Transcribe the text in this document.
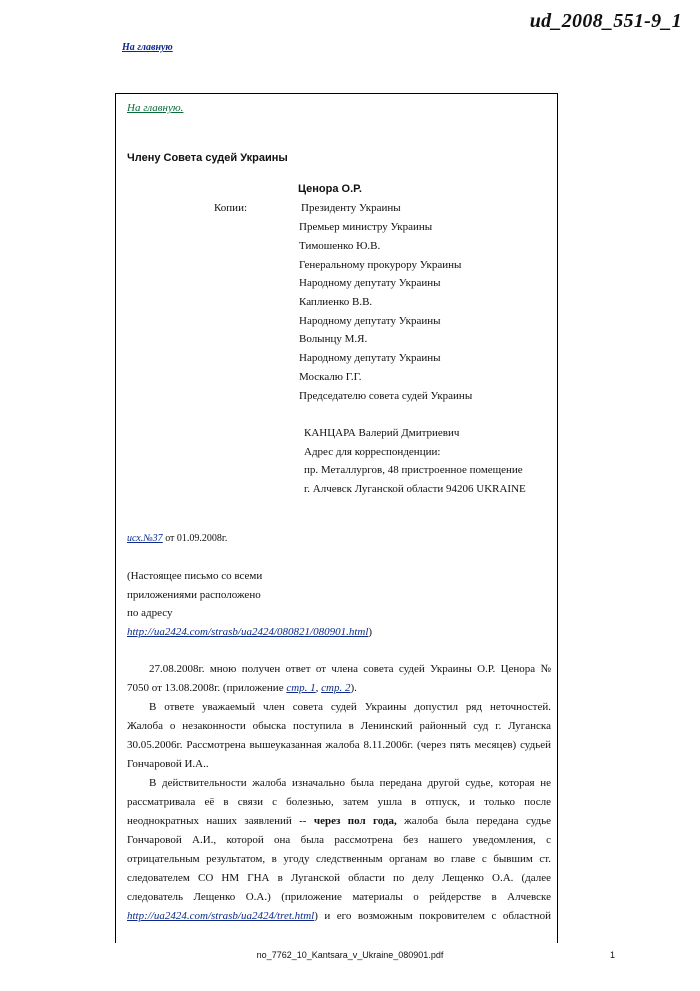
ud_2008_551-9_1
На главную
На главную.
Члену Совета судей Украины
Ценора О.Р.
Копии:	Президенту Украины
Премьер министру Украины
Тимошенко Ю.В.
Генеральному прокурору Украины
Народному депутату Украины
Каплиенко В.В.
Народному депутату Украины
Волынцу М.Я.
Народному депутату Украины
Москалю Г.Г.
Председателю совета судей Украины
КАНЦАРА Валерий Дмитриевич
Адрес для корреспонденции:
пр. Металлургов, 48 пристроенное помещение
г. Алчевск Луганской области 94206 UKRAINE
исх.№37 от 01.09.2008г.
(Настоящее письмо со всеми
приложениями расположено
по адресу
http://ua2424.com/strasb/ua2424/080821/080901.html)
27.08.2008г. мною получен ответ от члена совета судей Украины О.Р. Ценора №
7050 от 13.08.2008г. (приложение стр. 1, стр. 2).
В ответе уважаемый член совета судей Украины допустил ряд неточностей.
Жалоба о незаконности обыска поступила в Ленинский районный суд г. Луганска
30.05.2006г. Рассмотрена вышеуказанная жалоба 8.11.2006г. (через пять месяцев) судьей
Гончаровой И.А..
В действительности жалоба изначально была передана другой судье, которая не
рассматривала её в связи с болезнью, затем ушла в отпуск, и только после
неоднократных наших заявлений -- через пол года, жалоба была передана судье
Гончаровой А.И., которой она была рассмотрена без нашего уведомления, с
отрицательным результатом, в угоду следственным органам во главе с бывшим ст.
следователем СО НМ ГНА в Луганской области по делу Лещенко О.А. (далее
следователь Лещенко О.А.) (приложение материалы о рейдерстве в Алчевске
http://ua2424.com/strasb/ua2424/tret.html) и его возможным покровителем с областной
no_7762_10_Kantsara_v_Ukraine_080901.pdf	1
